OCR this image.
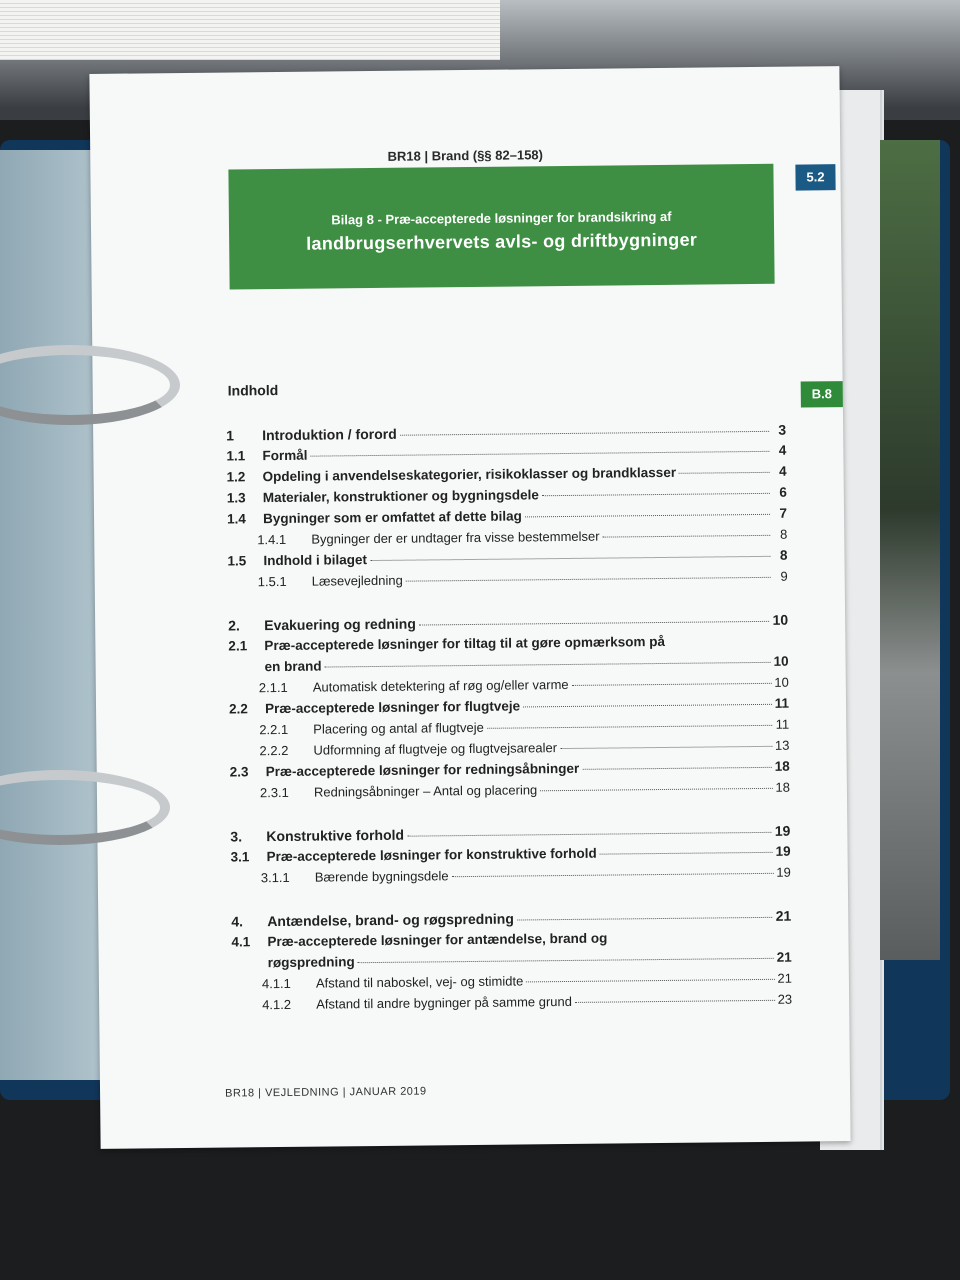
BR18 | Brand (§§ 82–158)
Bilag 8 - Præ-accepterede løsninger for brandsikring af
landbrugserhvervets avls- og driftbygninger
5.2
B.8
Indhold
1	Introduktion / forord	3
1.1	Formål	4
1.2	Opdeling i anvendelseskategorier, risikoklasser og brandklasser	4
1.3	Materialer, konstruktioner og bygningsdele	6
1.4	Bygninger som er omfattet af dette bilag	7
1.4.1	Bygninger der er undtager fra visse bestemmelser	8
1.5	Indhold i bilaget	8
1.5.1	Læsevejledning	9
2.	Evakuering og redning	10
2.1	Præ-accepterede løsninger for tiltag til at gøre opmærksom på
en brand	10
2.1.1	Automatisk detektering af røg og/eller varme	10
2.2	Præ-accepterede løsninger for flugtveje	11
2.2.1	Placering og antal af flugtveje	11
2.2.2	Udformning af flugtveje og flugtvejsarealer	13
2.3	Præ-accepterede løsninger for redningsåbninger	18
2.3.1	Redningsåbninger – Antal og placering	18
3.	Konstruktive forhold	19
3.1	Præ-accepterede løsninger for konstruktive forhold	19
3.1.1	Bærende bygningsdele	19
4.	Antændelse, brand- og røgspredning	21
4.1	Præ-accepterede løsninger for antændelse, brand og
røgspredning	21
4.1.1	Afstand til naboskel, vej- og stimidte	21
4.1.2	Afstand til andre bygninger på samme grund	23
BR18 | VEJLEDNING | JANUAR 2019
